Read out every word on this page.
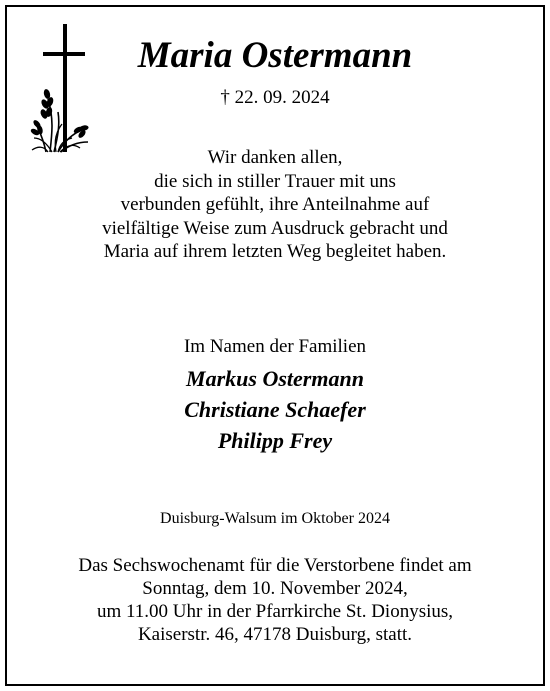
Maria Ostermann
† 22. 09. 2024
Wir danken allen,
die sich in stiller Trauer mit uns
verbunden gefühlt, ihre Anteilnahme auf
vielfältige Weise zum Ausdruck gebracht und
Maria auf ihrem letzten Weg begleitet haben.
Im Namen der Familien
Markus Ostermann
Christiane Schaefer
Philipp Frey
Duisburg-Walsum im Oktober 2024
Das Sechswochenamt für die Verstorbene findet am
Sonntag, dem 10. November 2024,
um 11.00 Uhr in der Pfarrkirche St. Dionysius,
Kaiserstr. 46, 47178 Duisburg, statt.
